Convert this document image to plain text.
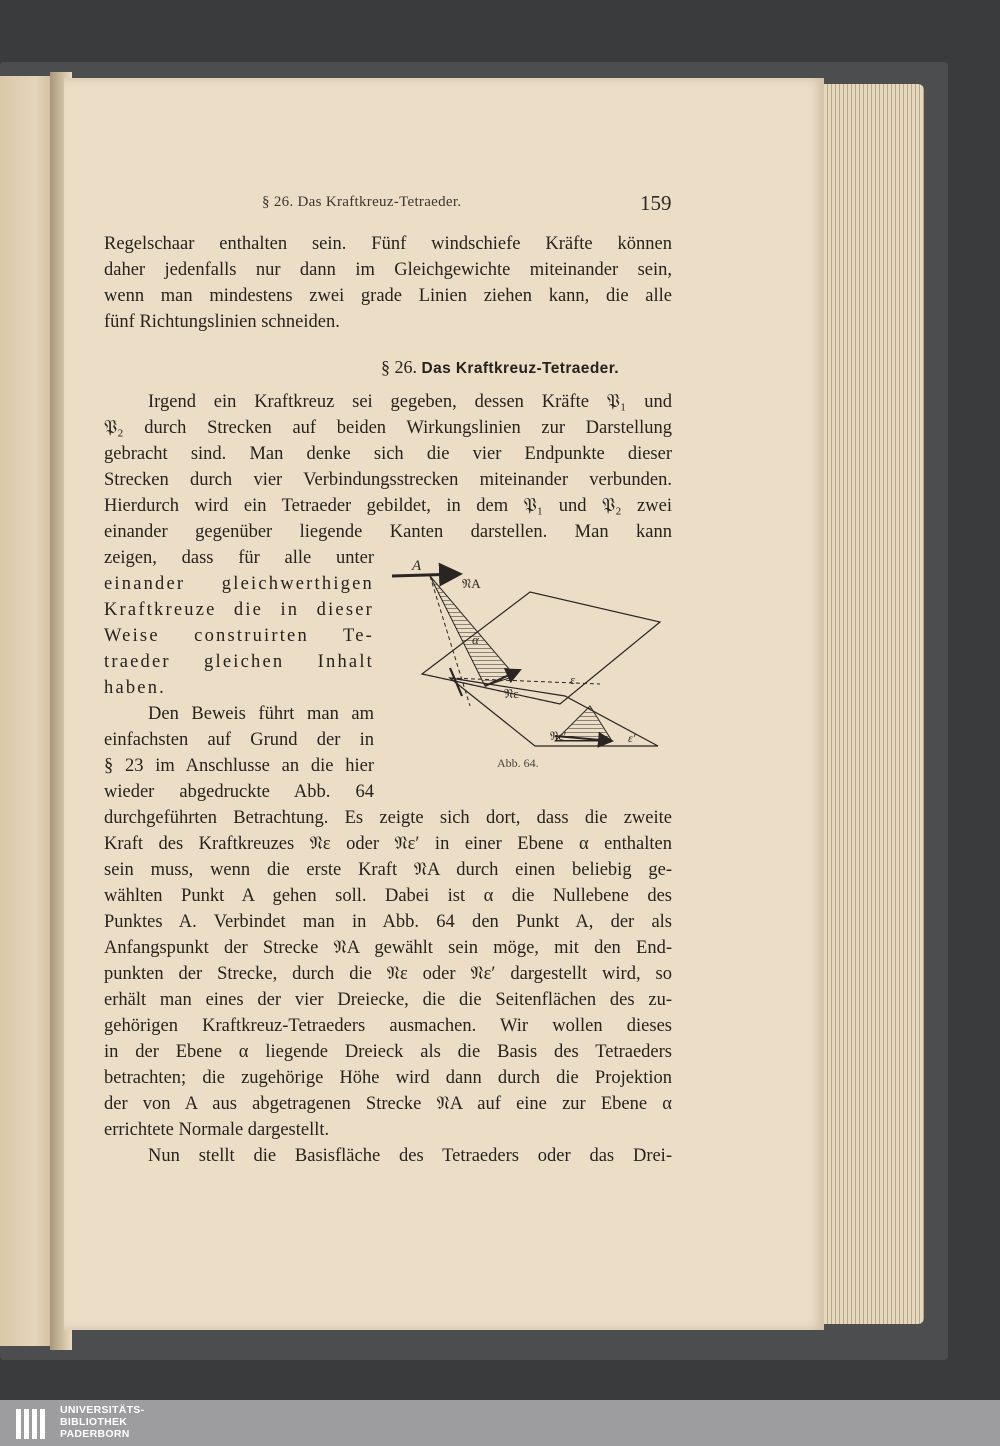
§ 26. Das Kraftkreuz-Tetraeder.	159
Regelschaar enthalten sein. Fünf windschiefe Kräfte können
daher jedenfalls nur dann im Gleichgewichte miteinander sein,
wenn man mindestens zwei grade Linien ziehen kann, die alle
fünf Richtungslinien schneiden.
§ 26. Das Kraftkreuz-Tetraeder.
Irgend ein Kraftkreuz sei gegeben, dessen Kräfte 𝔓₁ und
𝔓₂ durch Strecken auf beiden Wirkungslinien zur Darstellung
gebracht sind. Man denke sich die vier Endpunkte dieser
Strecken durch vier Verbindungsstrecken miteinander verbunden.
Hierdurch wird ein Tetraeder gebildet, in dem 𝔓₁ und 𝔓₂ zwei
einander gegenüber liegende Kanten darstellen. Man kann
zeigen, dass für alle unter
einander gleichwerthigen
Kraftkreuze die in dieser
Weise construirten Te-
traeder gleichen Inhalt
haben.
Den Beweis führt man am
einfachsten auf Grund der in
§ 23 im Anschlusse an die hier
wieder abgedruckte Abb. 64
A
𝔑A
α
𝔑ε
ε
𝔑ε′	ε′
Abb. 64.
durchgeführten Betrachtung. Es zeigte sich dort, dass die zweite
Kraft des Kraftkreuzes 𝔑ε oder 𝔑ε′ in einer Ebene α enthalten
sein muss, wenn die erste Kraft 𝔑A durch einen beliebig ge-
wählten Punkt A gehen soll. Dabei ist α die Nullebene des
Punktes A. Verbindet man in Abb. 64 den Punkt A, der als
Anfangspunkt der Strecke 𝔑A gewählt sein möge, mit den End-
punkten der Strecke, durch die 𝔑ε oder 𝔑ε′ dargestellt wird, so
erhält man eines der vier Dreiecke, die die Seitenflächen des zu-
gehörigen Kraftkreuz-Tetraeders ausmachen. Wir wollen dieses
in der Ebene α liegende Dreieck als die Basis des Tetraeders
betrachten; die zugehörige Höhe wird dann durch die Projektion
der von A aus abgetragenen Strecke 𝔑A auf eine zur Ebene α
errichtete Normale dargestellt.
Nun stellt die Basisfläche des Tetraeders oder das Drei-
UNIVERSITÄTS-
BIBLIOTHEK
PADERBORN
